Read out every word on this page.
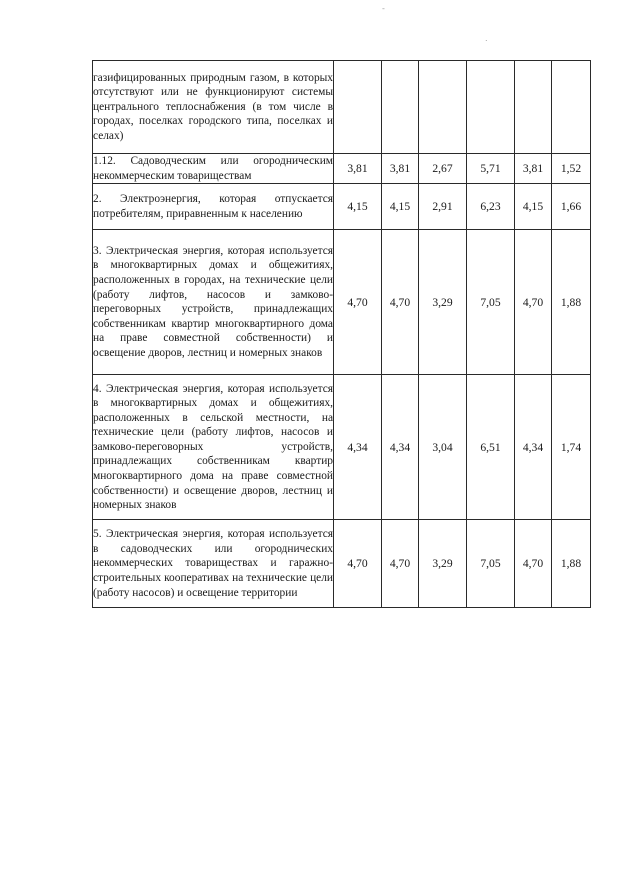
-
.
газифицированных природным газом, в которых отсутствуют или не функционируют системы центрального теплоснабжения (в том числе в городах, поселках городского типа, поселках и селах)						
1.12. Садоводческим или огородническим некоммерческим товариществам	3,81	3,81	2,67	5,71	3,81	1,52
2. Электроэнергия, которая отпускается потребителям, приравненным к населению	4,15	4,15	2,91	6,23	4,15	1,66
3. Электрическая энергия, которая используется в многоквартирных домах и общежитиях, расположенных в городах, на технические цели (работу лифтов, насосов и замково-переговорных устройств, принадлежащих собственникам квартир многоквартирного дома на праве совместной собственности) и освещение дворов, лестниц и номерных знаков	4,70	4,70	3,29	7,05	4,70	1,88
4. Электрическая энергия, которая используется в многоквартирных домах и общежитиях, расположенных в сельской местности, на технические цели (работу лифтов, насосов и замково-переговорных устройств, принадлежащих собственникам квартир многоквартирного дома на праве совместной собственности) и освещение дворов, лестниц и номерных знаков	4,34	4,34	3,04	6,51	4,34	1,74
5. Электрическая энергия, которая используется в садоводческих или огороднических некоммерческих товариществах и гаражно-строительных кооперативах на технические цели (работу насосов) и освещение территории	4,70	4,70	3,29	7,05	4,70	1,88
